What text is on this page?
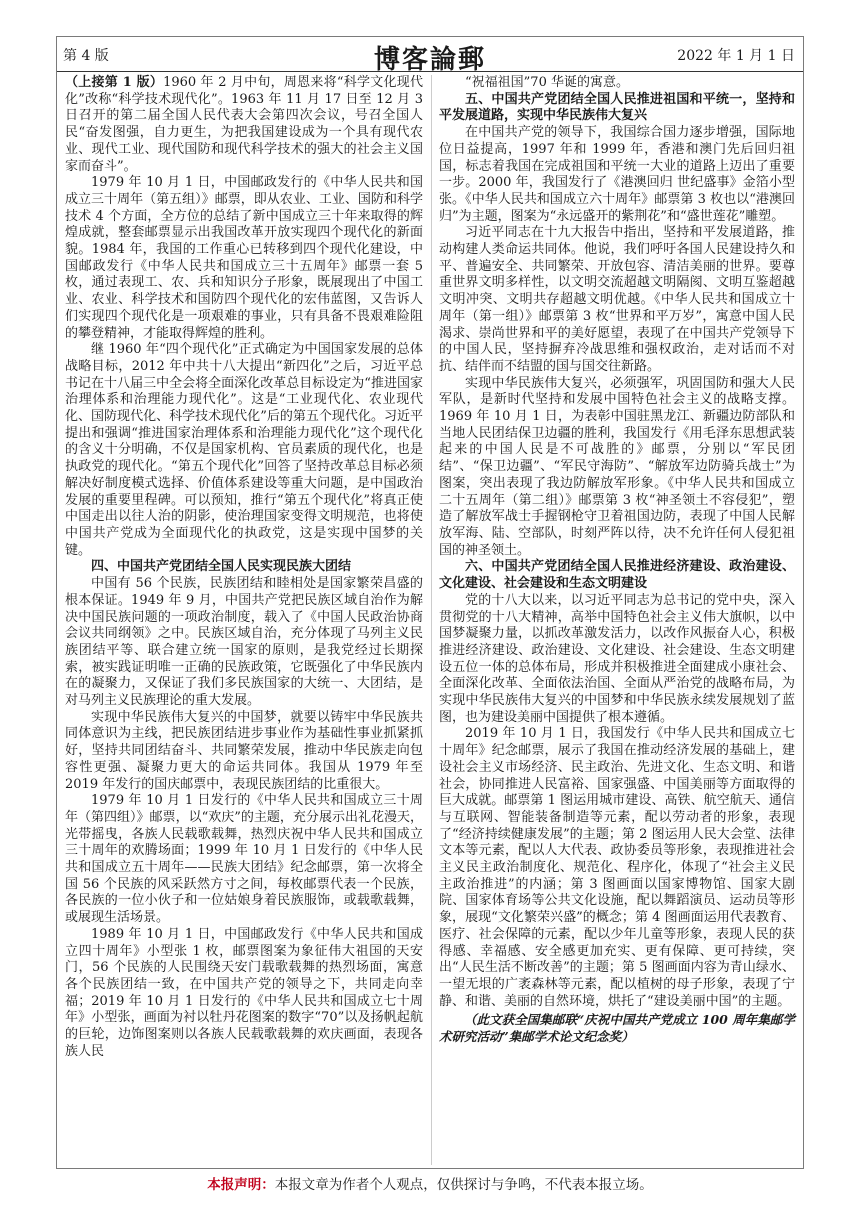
第 4 版	博客論郵	2022 年 1 月 1 日

（上接第 1 版）1960 年 2 月中旬，周恩来将“科学文化现代化”改称“科学技术现代化”。1963 年 11 月 17 日至 12 月 3 日召开的第二届全国人民代表大会第四次会议，号召全国人民“奋发图强，自力更生，为把我国建设成为一个具有现代农业、现代工业、现代国防和现代科学技术的强大的社会主义国家而奋斗”。

1979 年 10 月 1 日，中国邮政发行的《中华人民共和国成立三十周年（第五组）》邮票，即从农业、工业、国防和科学技术 4 个方面，全方位的总结了新中国成立三十年来取得的辉煌成就，整套邮票显示出我国改革开放实现四个现代化的新面貌。1984 年，我国的工作重心已转移到四个现代化建设，中国邮政发行《中华人民共和国成立三十五周年》邮票一套 5 枚，通过表现工、农、兵和知识分子形象，既展现出了中国工业、农业、科学技术和国防四个现代化的宏伟蓝图，又告诉人们实现四个现代化是一项艰难的事业，只有具备不畏艰难险阻的攀登精神，才能取得辉煌的胜利。

继 1960 年“四个现代化”正式确定为中国国家发展的总体战略目标，2012 年中共十八大提出“新四化”之后，习近平总书记在十八届三中全会将全面深化改革总目标设定为“推进国家治理体系和治理能力现代化”。这是“工业现代化、农业现代化、国防现代化、科学技术现代化”后的第五个现代化。习近平提出和强调“推进国家治理体系和治理能力现代化”这个现代化的含义十分明确，不仅是国家机构、官员素质的现代化，也是执政党的现代化。“第五个现代化”回答了坚持改革总目标必须解决好制度模式选择、价值体系建设等重大问题，是中国政治发展的重要里程碑。可以预知，推行“第五个现代化”将真正使中国走出以往人治的阴影，使治理国家变得文明规范，也将使中国共产党成为全面现代化的执政党，这是实现中国梦的关键。

四、中国共产党团结全国人民实现民族大团结

中国有 56 个民族，民族团结和睦相处是国家繁荣昌盛的根本保证。1949 年 9 月，中国共产党把民族区域自治作为解决中国民族问题的一项政治制度，载入了《中国人民政治协商会议共同纲领》之中。民族区域自治，充分体现了马列主义民族团结平等、联合建立统一国家的原则，是我党经过长期探索，被实践证明唯一正确的民族政策，它既强化了中华民族内在的凝聚力，又保证了我们多民族国家的大统一、大团结，是对马列主义民族理论的重大发展。

实现中华民族伟大复兴的中国梦，就要以铸牢中华民族共同体意识为主线，把民族团结进步事业作为基础性事业抓紧抓好，坚持共同团结奋斗、共同繁荣发展，推动中华民族走向包容性更强、凝聚力更大的命运共同体。我国从 1979 年至 2019 年发行的国庆邮票中，表现民族团结的比重很大。

1979 年 10 月 1 日发行的《中华人民共和国成立三十周年（第四组）》邮票，以“欢庆”的主题，充分展示出礼花漫天，光带摇曳，各族人民载歌载舞，热烈庆祝中华人民共和国成立三十周年的欢腾场面；1999 年 10 月 1 日发行的《中华人民共和国成立五十周年——民族大团结》纪念邮票，第一次将全国 56 个民族的风采跃然方寸之间，每枚邮票代表一个民族，各民族的一位小伙子和一位姑娘身着民族服饰，或载歌载舞，或展现生活场景。

1989 年 10 月 1 日，中国邮政发行《中华人民共和国成立四十周年》小型张 1 枚，邮票图案为象征伟大祖国的天安门，56 个民族的人民围绕天安门载歌载舞的热烈场面，寓意各个民族团结一致，在中国共产党的领导之下，共同走向幸福；2019 年 10 月 1 日发行的《中华人民共和国成立七十周年》小型张，画面为衬以牡丹花图案的数字“70”以及扬帆起航的巨轮，边饰图案则以各族人民载歌载舞的欢庆画面，表现各族人民

“祝福祖国”70 华诞的寓意。

五、中国共产党团结全国人民推进祖国和平统一，坚持和平发展道路，实现中华民族伟大复兴

在中国共产党的领导下，我国综合国力逐步增强，国际地位日益提高，1997 年和 1999 年，香港和澳门先后回归祖国，标志着我国在完成祖国和平统一大业的道路上迈出了重要一步。2000 年，我国发行了《港澳回归 世纪盛事》金箔小型张。《中华人民共和国成立六十周年》邮票第 3 枚也以“港澳回归”为主题，图案为“永远盛开的紫荆花”和“盛世莲花”雕塑。

习近平同志在十九大报告中指出，坚持和平发展道路，推动构建人类命运共同体。他说，我们呼吁各国人民建设持久和平、普遍安全、共同繁荣、开放包容、清洁美丽的世界。要尊重世界文明多样性，以文明交流超越文明隔阂、文明互鉴超越文明冲突、文明共存超越文明优越。《中华人民共和国成立十周年（第一组）》邮票第 3 枚“世界和平万岁”，寓意中国人民渴求、崇尚世界和平的美好愿望，表现了在中国共产党领导下的中国人民，坚持摒弃冷战思维和强权政治，走对话而不对抗、结伴而不结盟的国与国交往新路。

实现中华民族伟大复兴，必须强军，巩固国防和强大人民军队，是新时代坚持和发展中国特色社会主义的战略支撑。1969 年 10 月 1 日，为表彰中国驻黑龙江、新疆边防部队和当地人民团结保卫边疆的胜利，我国发行《用毛泽东思想武装起来的中国人民是不可战胜的》邮票，分别以“军民团结”、“保卫边疆”、“军民守海防”、“解放军边防骑兵战士”为图案，突出表现了我边防解放军形象。《中华人民共和国成立二十五周年（第二组）》邮票第 3 枚“神圣领土不容侵犯”，塑造了解放军战士手握钢枪守卫着祖国边防，表现了中国人民解放军海、陆、空部队，时刻严阵以待，决不允许任何人侵犯祖国的神圣领土。

六、中国共产党团结全国人民推进经济建设、政治建设、文化建设、社会建设和生态文明建设

党的十八大以来，以习近平同志为总书记的党中央，深入贯彻党的十八大精神，高举中国特色社会主义伟大旗帜，以中国梦凝聚力量，以抓改革激发活力，以改作风振奋人心，积极推进经济建设、政治建设、文化建设、社会建设、生态文明建设五位一体的总体布局，形成并积极推进全面建成小康社会、全面深化改革、全面依法治国、全面从严治党的战略布局，为实现中华民族伟大复兴的中国梦和中华民族永续发展规划了蓝图，也为建设美丽中国提供了根本遵循。

2019 年 10 月 1 日，我国发行《中华人民共和国成立七十周年》纪念邮票，展示了我国在推动经济发展的基础上，建设社会主义市场经济、民主政治、先进文化、生态文明、和谐社会，协同推进人民富裕、国家强盛、中国美丽等方面取得的巨大成就。邮票第 1 图运用城市建设、高铁、航空航天、通信与互联网、智能装备制造等元素，配以劳动者的形象，表现了“经济持续健康发展”的主题；第 2 图运用人民大会堂、法律文本等元素，配以人大代表、政协委员等形象，表现推进社会主义民主政治制度化、规范化、程序化，体现了“社会主义民主政治推进”的内涵；第 3 图画面以国家博物馆、国家大剧院、国家体育场等公共文化设施，配以舞蹈演员、运动员等形象，展现“文化繁荣兴盛”的概念；第 4 图画面运用代表教育、医疗、社会保障的元素，配以少年儿童等形象，表现人民的获得感、幸福感、安全感更加充实、更有保障、更可持续，突出“人民生活不断改善”的主题；第 5 图画面内容为青山绿水、一望无垠的广袤森林等元素，配以植树的母子形象，表现了宁静、和谐、美丽的自然环境，烘托了“建设美丽中国”的主题。

（此文获全国集邮联“庆祝中国共产党成立 100 周年集邮学术研究活动”集邮学术论文纪念奖）

本报声明：本报文章为作者个人观点，仅供探讨与争鸣，不代表本报立场。
